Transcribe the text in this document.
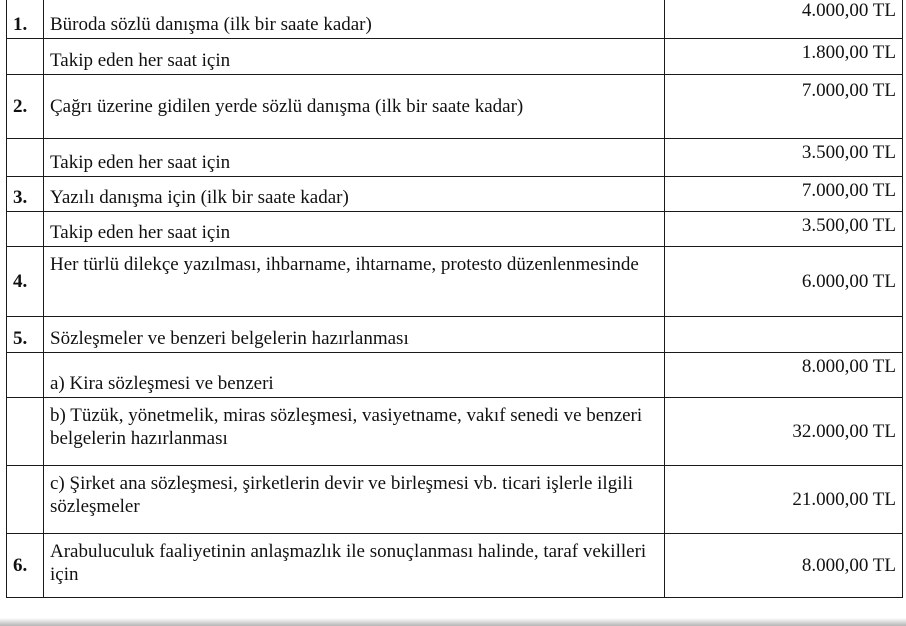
1.	Büroda sözlü danışma (ilk bir saate kadar)	4.000,00 TL
	Takip eden her saat için	1.800,00 TL
2.	Çağrı üzerine gidilen yerde sözlü danışma (ilk bir saate kadar)	7.000,00 TL
	Takip eden her saat için	3.500,00 TL
3.	Yazılı danışma için (ilk bir saate kadar)	7.000,00 TL
	Takip eden her saat için	3.500,00 TL
4.	Her türlü dilekçe yazılması, ihbarname, ihtarname, protesto düzenlenmesinde	6.000,00 TL
5.	Sözleşmeler ve benzeri belgelerin hazırlanması	
	a) Kira sözleşmesi ve benzeri	8.000,00 TL
	b) Tüzük, yönetmelik, miras sözleşmesi, vasiyetname, vakıf senedi ve benzeri belgelerin hazırlanması	32.000,00 TL
	c) Şirket ana sözleşmesi, şirketlerin devir ve birleşmesi vb. ticari işlerle ilgili sözleşmeler	21.000,00 TL
6.	Arabuluculuk faaliyetinin anlaşmazlık ile sonuçlanması halinde, taraf vekilleri için	8.000,00 TL
